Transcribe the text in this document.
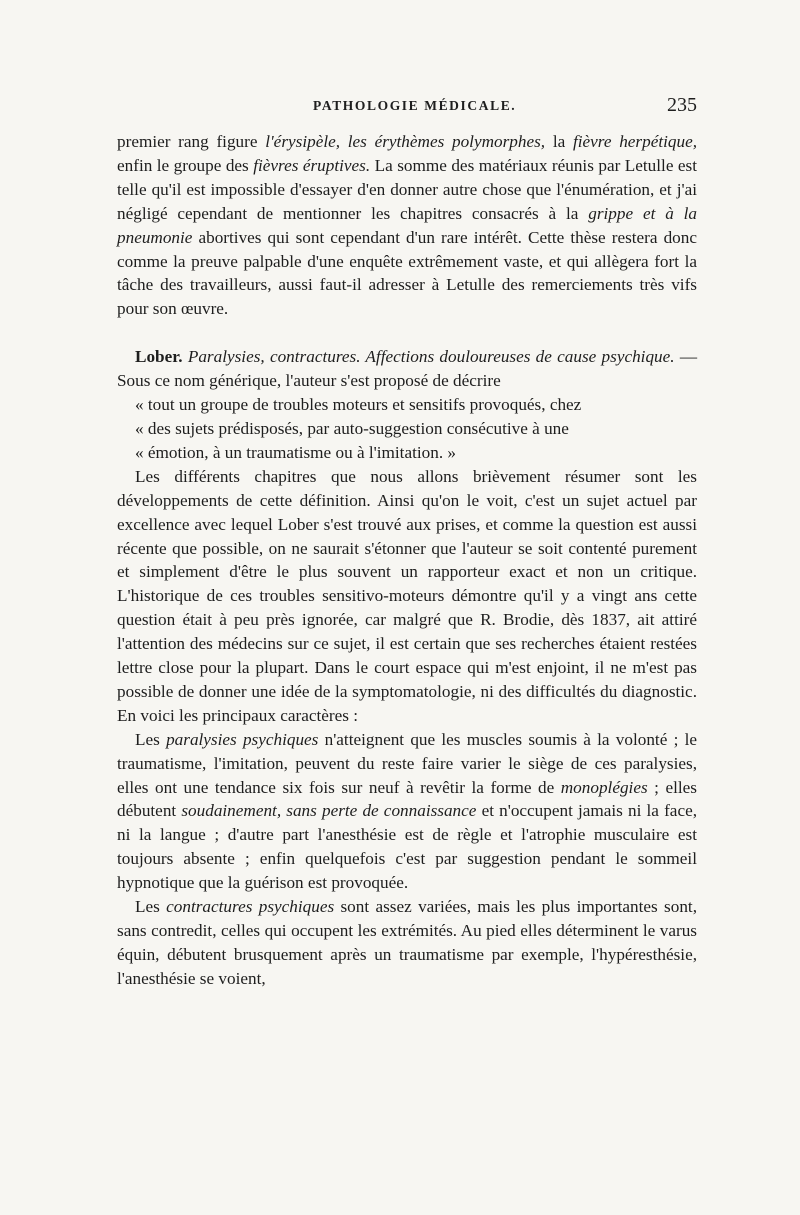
PATHOLOGIE MÉDICALE.	235

premier rang figure l'érysipèle, les érythèmes polymorphes, la fièvre herpétique, enfin le groupe des fièvres éruptives. La somme des matériaux réunis par Letulle est telle qu'il est impossible d'essayer d'en donner autre chose que l'énumération, et j'ai négligé cependant de mentionner les chapitres consacrés à la grippe et à la pneumonie abortives qui sont cependant d'un rare intérêt. Cette thèse restera donc comme la preuve palpable d'une enquête extrêmement vaste, et qui allègera fort la tâche des travailleurs, aussi faut-il adresser à Letulle des remerciements très vifs pour son œuvre.

Lober. Paralysies, contractures. Affections douloureuses de cause psychique. — Sous ce nom générique, l'auteur s'est proposé de décrire
« tout un groupe de troubles moteurs et sensitifs provoqués, chez
« des sujets prédisposés, par auto-suggestion consécutive à une
« émotion, à un traumatisme ou à l'imitation. »

Les différents chapitres que nous allons brièvement résumer sont les développements de cette définition. Ainsi qu'on le voit, c'est un sujet actuel par excellence avec lequel Lober s'est trouvé aux prises, et comme la question est aussi récente que possible, on ne saurait s'étonner que l'auteur se soit contenté purement et simplement d'être le plus souvent un rapporteur exact et non un critique. L'historique de ces troubles sensitivo-moteurs démontre qu'il y a vingt ans cette question était à peu près ignorée, car malgré que R. Brodie, dès 1837, ait attiré l'attention des médecins sur ce sujet, il est certain que ses recherches étaient restées lettre close pour la plupart. Dans le court espace qui m'est enjoint, il ne m'est pas possible de donner une idée de la symptomatologie, ni des difficultés du diagnostic. En voici les principaux caractères :

Les paralysies psychiques n'atteignent que les muscles soumis à la volonté ; le traumatisme, l'imitation, peuvent du reste faire varier le siège de ces paralysies, elles ont une tendance six fois sur neuf à revêtir la forme de monoplégies ; elles débutent soudainement, sans perte de connaissance et n'occupent jamais ni la face, ni la langue ; d'autre part l'anesthésie est de règle et l'atrophie musculaire est toujours absente ; enfin quelquefois c'est par suggestion pendant le sommeil hypnotique que la guérison est provoquée.

Les contractures psychiques sont assez variées, mais les plus importantes sont, sans contredit, celles qui occupent les extrémités. Au pied elles déterminent le varus équin, débutent brusquement après un traumatisme par exemple, l'hypéresthésie, l'anesthésie se voient,
